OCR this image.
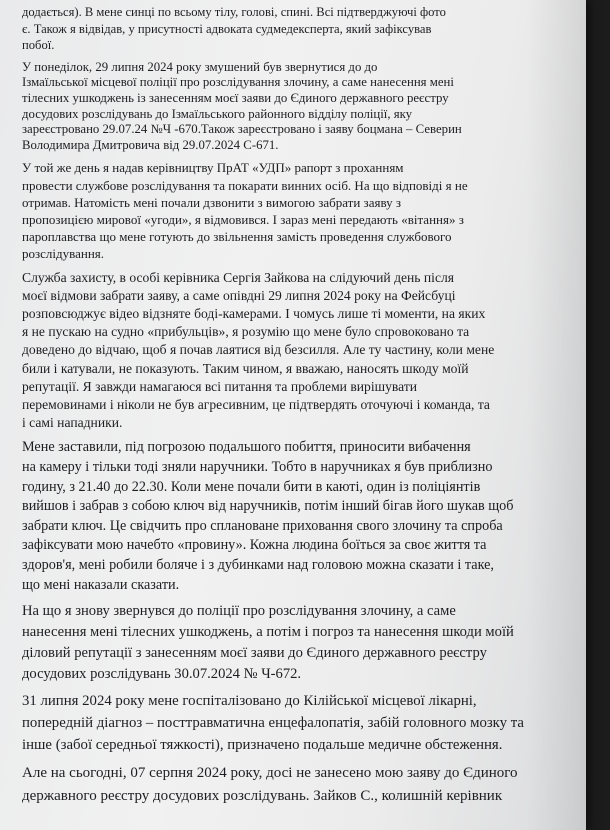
додається). В мене синці по всьому тілу, голові, спині. Всі підтверджуючі фото
є. Також я відвідав, у присутності адвоката судмедексперта, який зафіксував
побої.
У понеділок, 29 липня 2024 року змушений був звернутися до до
Ізмаїльської місцевої поліції про розслідування злочину, а саме нанесення мені
тілесних ушкоджень із занесенням моєї заяви до Єдиного державного реєстру
досудових розслідувань до Ізмаїльського районного відділу поліції, яку
зареєстровано 29.07.24 №Ч -670.Також зареєстровано і заяву боцмана – Северин
Володимира Дмитровича від 29.07.2024 С-671.
У той же день я надав керівництву ПрАТ «УДП» рапорт з проханням
провести службове розслідування та покарати винних осіб. На що відповіді я не
отримав. Натомість мені почали дзвонити з вимогою забрати заяву з
пропозицією мирової «угоди», я відмовився. І зараз мені передають «вітання» з
пароплавства що мене готують до звільнення замість проведення службового
розслідування.
Служба захисту, в особі керівника Сергія Зайкова на слідуючий день після
моєї відмови забрати заяву, а саме опівдні 29 липня 2024 року на Фейсбуці
розповсюджує відео відзняте боді-камерами. І чомусь лише ті моменти, на яких
я не пускаю на судно «прибульців», я розумію що мене було спровоковано та
доведено до відчаю, щоб я почав лаятися від безсилля. Але ту частину, коли мене
били і катували, не показують. Таким чином, я вважаю, наносять шкоду моїй
репутації. Я завжди намагаюся всі питання та проблеми вирішувати
перемовинами і ніколи не був агресивним, це підтвердять оточуючі і команда, та
і самі нападники.
Мене заставили, під погрозою подальшого побиття, приносити вибачення
на камеру і тільки тоді зняли наручники. Тобто в наручниках я був приблизно
годину, з 21.40 до 22.30. Коли мене почали бити в каюті, один із поліціянтів
вийшов і забрав з собою ключ від наручників, потім інший бігав його шукав щоб
забрати ключ. Це свідчить про сплановане приховання свого злочину та спроба
зафіксувати мою начебто «провину». Кожна людина боїться за своє життя та
здоров'я, мені робили боляче і з дубинками над головою можна сказати і таке,
що мені наказали сказати.
На що я знову звернувся до поліції про розслідування злочину, а саме
нанесення мені тілесних ушкоджень, а потім і погроз та нанесення шкоди моїй
діловий репутації з занесенням моєї заяви до Єдиного державного реєстру
досудових розслідувань 30.07.2024 № Ч-672.
31 липня 2024 року мене госпіталізовано до Кілійської місцевої лікарні,
попередній діагноз – посттравматична енцефалопатія, забій головного мозку та
інше (забої середньої тяжкості), призначено подальше медичне обстеження.
Але на сьогодні, 07 серпня 2024 року, досі не занесено мою заяву до Єдиного
державного реєстру досудових розслідувань. Зайков С., колишній керівник
